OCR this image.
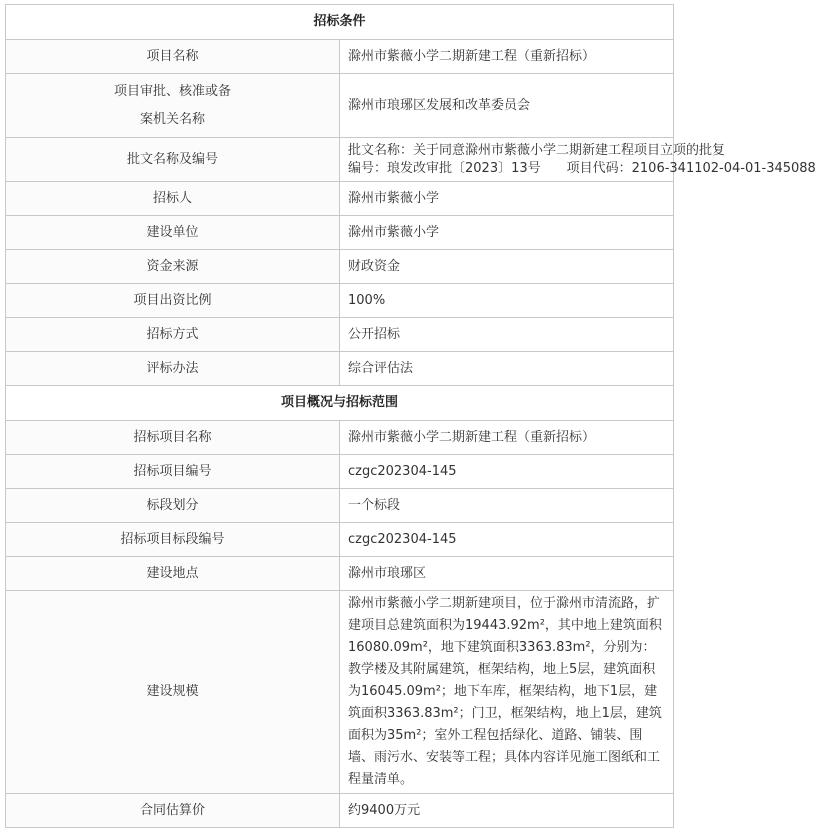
招标条件	
项目名称	滁州市紫薇小学二期新建工程（重新招标）

项目审批、核准或备
案机关名称	滁州市琅琊区发展和改革委员会
批文名称及编号	批文名称：关于同意滁州市紫薇小学二期新建工程项目立项的批复
编号：琅发改审批〔2023〕13号 项目代码：2106-341102-04-01-345088

招标人	滁州市紫薇小学
建设单位	滁州市紫薇小学
资金来源	财政资金
项目出资比例	100%
招标方式	公开招标
评标办法	综合评估法
项目概况与招标范围	
招标项目名称	滁州市紫薇小学二期新建工程（重新招标）
招标项目编号	czgc202304-145
标段划分	一个标段
招标项目标段编号	czgc202304-145
建设地点	滁州市琅琊区
建设规模	滁州市紫薇小学二期新建项目，位于滁州市清流路，扩建项目总建筑面积为19443.92m²，其中地上建筑面积16080.09m²，地下建筑面积3363.83m²，分别为：教学楼及其附属建筑，框架结构，地上5层，建筑面积为16045.09m²；地下车库，框架结构，地下1层，建筑面积3363.83m²；门卫，框架结构，地上1层，建筑面积为35m²；室外工程包括绿化、道路、铺装、围墙、雨污水、安装等工程；具体内容详见施工图纸和工程量清单。

合同估算价	约9400万元
